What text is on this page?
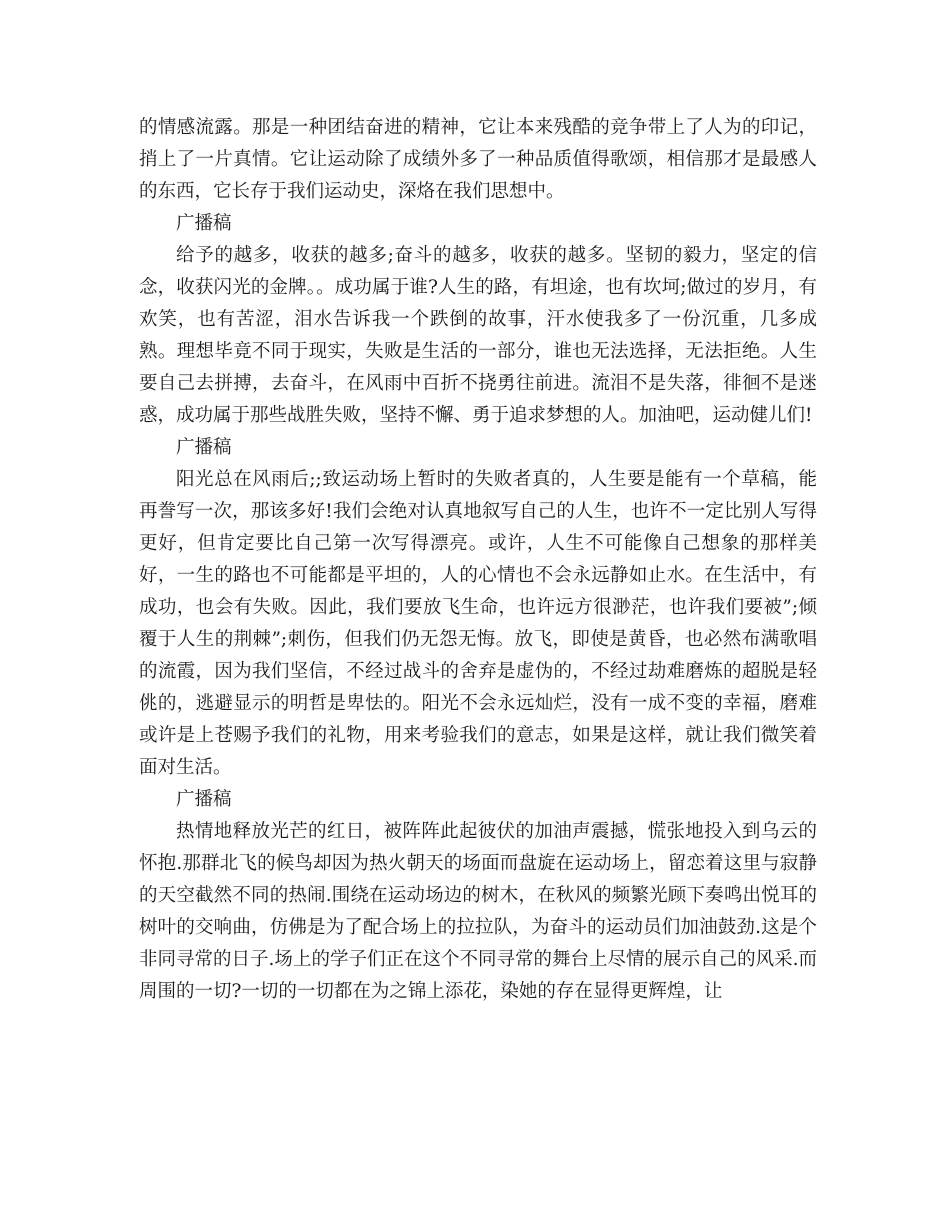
的情感流露。那是一种团结奋进的精神，它让本来残酷的竞争带上了人为的印记，捎上了一片真情。它让运动除了成绩外多了一种品质值得歌颂，相信那才是最感人的东西，它长存于我们运动史，深烙在我们思想中。

广播稿

给予的越多，收获的越多;奋斗的越多，收获的越多。坚韧的毅力，坚定的信念，收获闪光的金牌。。成功属于谁?人生的路，有坦途，也有坎坷;做过的岁月，有欢笑，也有苦涩，泪水告诉我一个跌倒的故事，汗水使我多了一份沉重，几多成熟。理想毕竟不同于现实，失败是生活的一部分，谁也无法选择，无法拒绝。人生要自己去拼搏，去奋斗，在风雨中百折不挠勇往前进。流泪不是失落，徘徊不是迷惑，成功属于那些战胜失败，坚持不懈、勇于追求梦想的人。加油吧，运动健儿们!

广播稿

阳光总在风雨后;;致运动场上暂时的失败者真的，人生要是能有一个草稿，能再誊写一次，那该多好!我们会绝对认真地叙写自己的人生，也许不一定比别人写得更好，但肯定要比自己第一次写得漂亮。或许，人生不可能像自己想象的那样美好，一生的路也不可能都是平坦的，人的心情也不会永远静如止水。在生活中，有成功，也会有失败。因此，我们要放飞生命，也许远方很渺茫，也许我们要被”;倾覆于人生的荆棘”;刺伤，但我们仍无怨无悔。放飞，即使是黄昏，也必然布满歌唱的流霞，因为我们坚信，不经过战斗的舍弃是虚伪的，不经过劫难磨炼的超脱是轻佻的，逃避显示的明哲是卑怯的。阳光不会永远灿烂，没有一成不变的幸福，磨难或许是上苍赐予我们的礼物，用来考验我们的意志，如果是这样，就让我们微笑着面对生活。

广播稿

热情地释放光芒的红日，被阵阵此起彼伏的加油声震撼，慌张地投入到乌云的怀抱.那群北飞的候鸟却因为热火朝天的场面而盘旋在运动场上，留恋着这里与寂静的天空截然不同的热闹.围绕在运动场边的树木，在秋风的频繁光顾下奏鸣出悦耳的树叶的交响曲，仿佛是为了配合场上的拉拉队，为奋斗的运动员们加油鼓劲.这是个非同寻常的日子.场上的学子们正在这个不同寻常的舞台上尽情的展示自己的风采.而周围的一切?一切的一切都在为之锦上添花，染她的存在显得更辉煌，让
